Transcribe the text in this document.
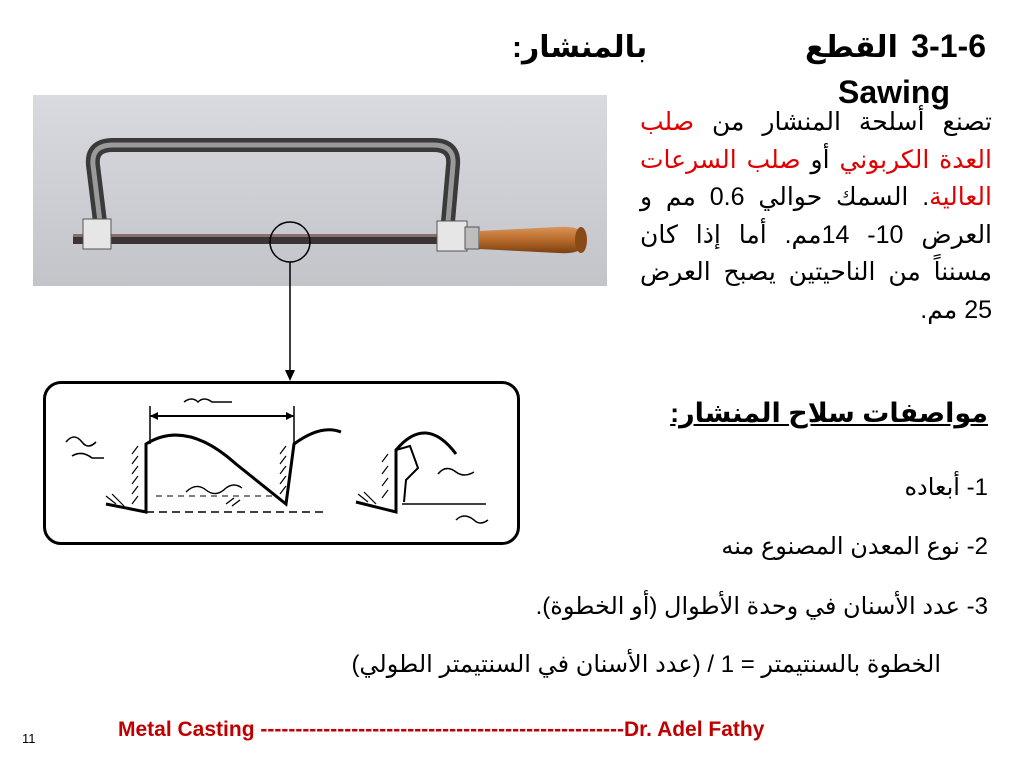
3-1-6
القطع
بالمنشار:
Sawing
تصنع أسلحة المنشار من صلب العدة الكربوني أو صلب السرعات العالية. السمك حوالي 0.6 مم و العرض 10- 14مم. أما إذا كان مسنناً من الناحيتين يصبح العرض 25 مم.
مواصفات سلاح المنشار:
1- أبعاده
2- نوع المعدن المصنوع منه
3- عدد الأسنان في وحدة الأطوال (أو الخطوة).
الخطوة بالسنتيمتر = 1 / (عدد الأسنان في السنتيمتر الطولي)
Metal Casting ----------------------------------------------------Dr. Adel Fathy
11
